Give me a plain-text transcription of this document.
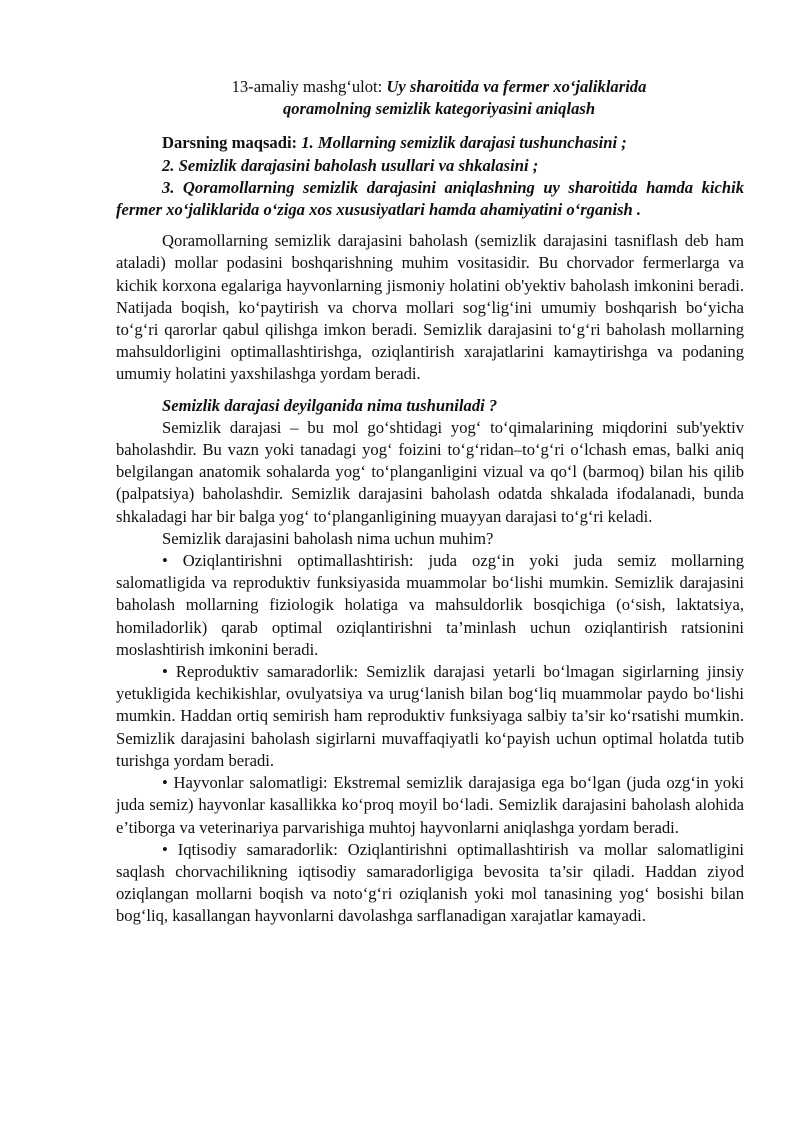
13-amaliy mashg‘ulot: Uy sharoitida va fermer xo‘jaliklarida
qoramolning semizlik kategoriyasini aniqlash

Darsning maqsadi: 1. Mollarning semizlik darajasi tushunchasini ;

2. Semizlik darajasini baholash usullari va shkalasini ;

3. Qoramollarning semizlik darajasini aniqlashning uy sharoitida hamda kichik fermer xo‘jaliklarida o‘ziga xos xususiyatlari hamda ahamiyatini o‘rganish .

Qoramollarning semizlik darajasini baholash (semizlik darajasini tasniflash deb ham ataladi) mollar podasini boshqarishning muhim vositasidir. Bu chorvador fermerlarga va kichik korxona egalariga hayvonlarning jismoniy holatini ob'yektiv baholash imkonini beradi. Natijada boqish, ko‘paytirish va chorva mollari sog‘lig‘ini umumiy boshqarish bo‘yicha to‘g‘ri qarorlar qabul qilishga imkon beradi. Semizlik darajasini to‘g‘ri baholash mollarning mahsuldorligini optimallashtirishga, oziqlantirish xarajatlarini kamaytirishga va podaning umumiy holatini yaxshilashga yordam beradi.

Semizlik darajasi deyilganida nima tushuniladi ?

Semizlik darajasi – bu mol go‘shtidagi yog‘ to‘qimalarining miqdorini sub'yektiv baholashdir. Bu vazn yoki tanadagi yog‘ foizini to‘g‘ridan–to‘g‘ri o‘lchash emas, balki aniq belgilangan anatomik sohalarda yog‘ to‘planganligini vizual va qo‘l (barmoq) bilan his qilib (palpatsiya) baholashdir. Semizlik darajasini baholash odatda shkalada ifodalanadi, bunda shkaladagi har bir balga yog‘ to‘planganligining muayyan darajasi to‘g‘ri keladi.

Semizlik darajasini baholash nima uchun muhim?

• Oziqlantirishni optimallashtirish: juda ozg‘in yoki juda semiz mollarning salomatligida va reproduktiv funksiyasida muammolar bo‘lishi mumkin. Semizlik darajasini baholash mollarning fiziologik holatiga va mahsuldorlik bosqichiga (o‘sish, laktatsiya, homiladorlik) qarab optimal oziqlantirishni ta’minlash uchun oziqlantirish ratsionini moslashtirish imkonini beradi.

• Reproduktiv samaradorlik: Semizlik darajasi yetarli bo‘lmagan sigirlarning jinsiy yetukligida kechikishlar, ovulyatsiya va urug‘lanish bilan bog‘liq muammolar paydo bo‘lishi mumkin. Haddan ortiq semirish ham reproduktiv funksiyaga salbiy ta’sir ko‘rsatishi mumkin. Semizlik darajasini baholash sigirlarni muvaffaqiyatli ko‘payish uchun optimal holatda tutib turishga yordam beradi.

• Hayvonlar salomatligi: Ekstremal semizlik darajasiga ega bo‘lgan (juda ozg‘in yoki juda semiz) hayvonlar kasallikka ko‘proq moyil bo‘ladi. Semizlik darajasini baholash alohida e’tiborga va veterinariya parvarishiga muhtoj hayvonlarni aniqlashga yordam beradi.

• Iqtisodiy samaradorlik: Oziqlantirishni optimallashtirish va mollar salomatligini saqlash chorvachilikning iqtisodiy samaradorligiga bevosita ta’sir qiladi. Haddan ziyod oziqlangan mollarni boqish va noto‘g‘ri oziqlanish yoki mol tanasining yog‘ bosishi bilan bog‘liq, kasallangan hayvonlarni davolashga sarflanadigan xarajatlar kamayadi.
